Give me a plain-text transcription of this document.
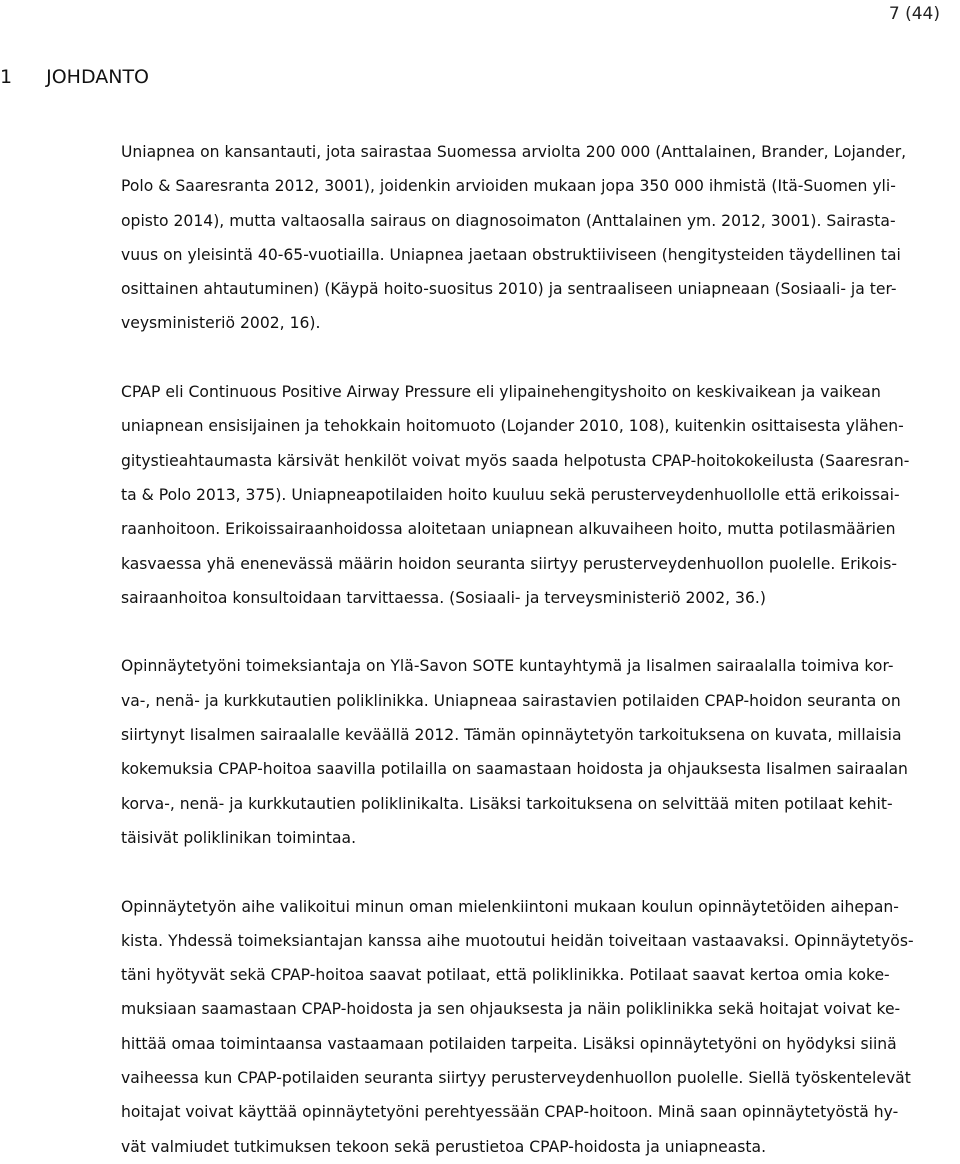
7 (44)
1 JOHDANTO
Uniapnea on kansantauti, jota sairastaa Suomessa arviolta 200 000 (Anttalainen, Brander, Lojander,
Polo & Saaresranta 2012, 3001), joidenkin arvioiden mukaan jopa 350 000 ihmistä (Itä-Suomen yli-
opisto 2014), mutta valtaosalla sairaus on diagnosoimaton (Anttalainen ym. 2012, 3001). Sairasta-
vuus on yleisintä 40-65-vuotiailla. Uniapnea jaetaan obstruktiiviseen (hengitysteiden täydellinen tai
osittainen ahtautuminen) (Käypä hoito-suositus 2010) ja sentraaliseen uniapneaan (Sosiaali- ja ter-
veysministeriö 2002, 16).
CPAP eli Continuous Positive Airway Pressure eli ylipainehengityshoito on keskivaikean ja vaikean
uniapnean ensisijainen ja tehokkain hoitomuoto (Lojander 2010, 108), kuitenkin osittaisesta ylähen-
gitystieahtaumasta kärsivät henkilöt voivat myös saada helpotusta CPAP-hoitokokeilusta (Saaresran-
ta & Polo 2013, 375). Uniapneapotilaiden hoito kuuluu sekä perusterveydenhuollolle että erikoissai-
raanhoitoon. Erikoissairaanhoidossa aloitetaan uniapnean alkuvaiheen hoito, mutta potilasmäärien
kasvaessa yhä enenevässä määrin hoidon seuranta siirtyy perusterveydenhuollon puolelle. Erikois-
sairaanhoitoa konsultoidaan tarvittaessa. (Sosiaali- ja terveysministeriö 2002, 36.)
Opinnäytetyöni toimeksiantaja on Ylä-Savon SOTE kuntayhtymä ja Iisalmen sairaalalla toimiva kor-
va-, nenä- ja kurkkutautien poliklinikka. Uniapneaa sairastavien potilaiden CPAP-hoidon seuranta on
siirtynyt Iisalmen sairaalalle keväällä 2012. Tämän opinnäytetyön tarkoituksena on kuvata, millaisia
kokemuksia CPAP-hoitoa saavilla potilailla on saamastaan hoidosta ja ohjauksesta Iisalmen sairaalan
korva-, nenä- ja kurkkutautien poliklinikalta. Lisäksi tarkoituksena on selvittää miten potilaat kehit-
täisivät poliklinikan toimintaa.
Opinnäytetyön aihe valikoitui minun oman mielenkiintoni mukaan koulun opinnäytetöiden aihepan-
kista. Yhdessä toimeksiantajan kanssa aihe muotoutui heidän toiveitaan vastaavaksi. Opinnäytetyös-
täni hyötyvät sekä CPAP-hoitoa saavat potilaat, että poliklinikka. Potilaat saavat kertoa omia koke-
muksiaan saamastaan CPAP-hoidosta ja sen ohjauksesta ja näin poliklinikka sekä hoitajat voivat ke-
hittää omaa toimintaansa vastaamaan potilaiden tarpeita. Lisäksi opinnäytetyöni on hyödyksi siinä
vaiheessa kun CPAP-potilaiden seuranta siirtyy perusterveydenhuollon puolelle. Siellä työskentelevät
hoitajat voivat käyttää opinnäytetyöni perehtyessään CPAP-hoitoon. Minä saan opinnäytetyöstä hy-
vät valmiudet tutkimuksen tekoon sekä perustietoa CPAP-hoidosta ja uniapneasta.
